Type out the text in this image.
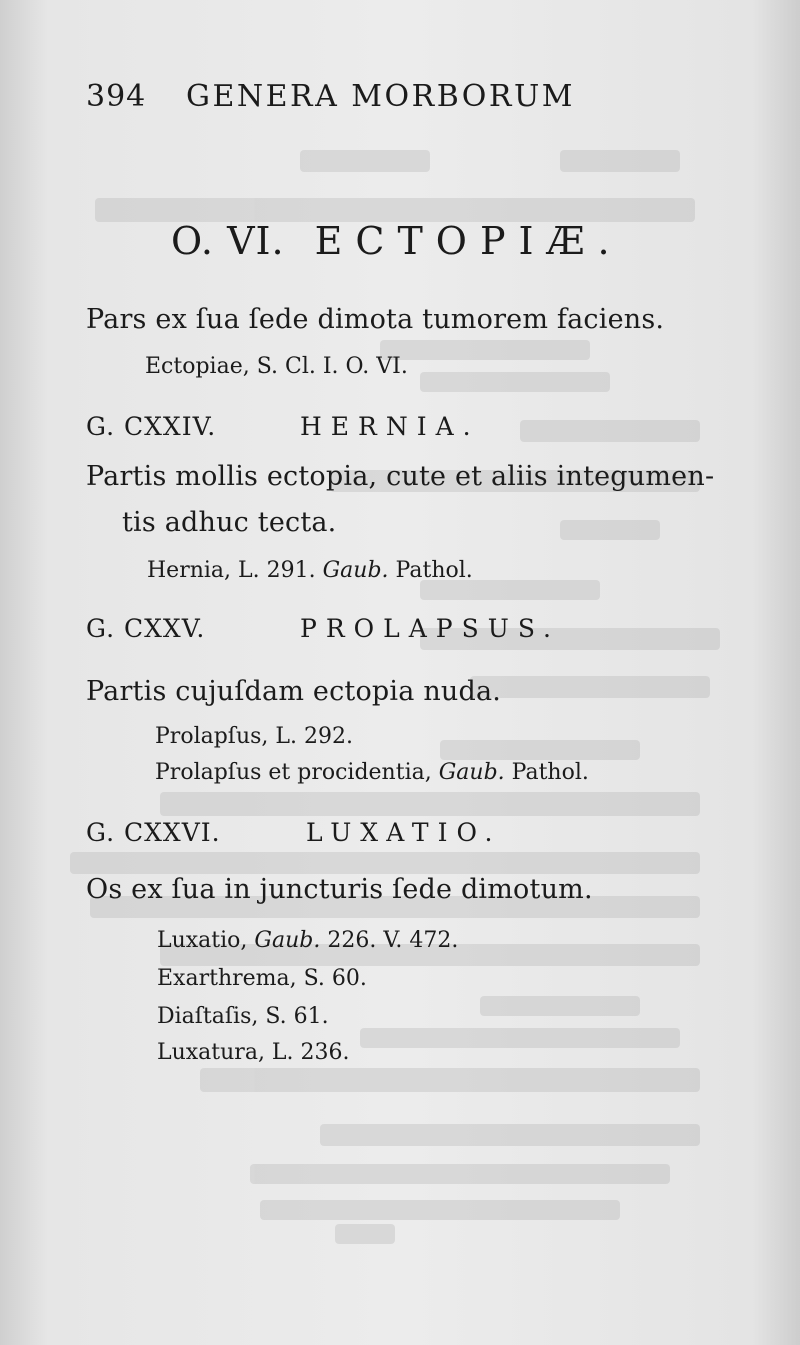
394 GENERA MORBORUM
O. VI. ECTOPIÆ.
Pars ex ſua ſede dimota tumorem faciens.
Ectopiae, S. Cl. I. O. VI.
G. CXXIV.	HERNIA.
Partis mollis ectopia, cute et aliis integumen-
tis adhuc tecta.
Hernia, L. 291. Gaub. Pathol.
G. CXXV.	PROLAPSUS.
Partis cujuſdam ectopia nuda.
Prolapſus, L. 292.
Prolapſus et procidentia, Gaub. Pathol.
G. CXXVI.	LUXATIO.
Os ex ſua in juncturis ſede dimotum.
Luxatio, Gaub. 226. V. 472.
Exarthrema, S. 60.
Diaſtaſis, S. 61.
Luxatura, L. 236.
